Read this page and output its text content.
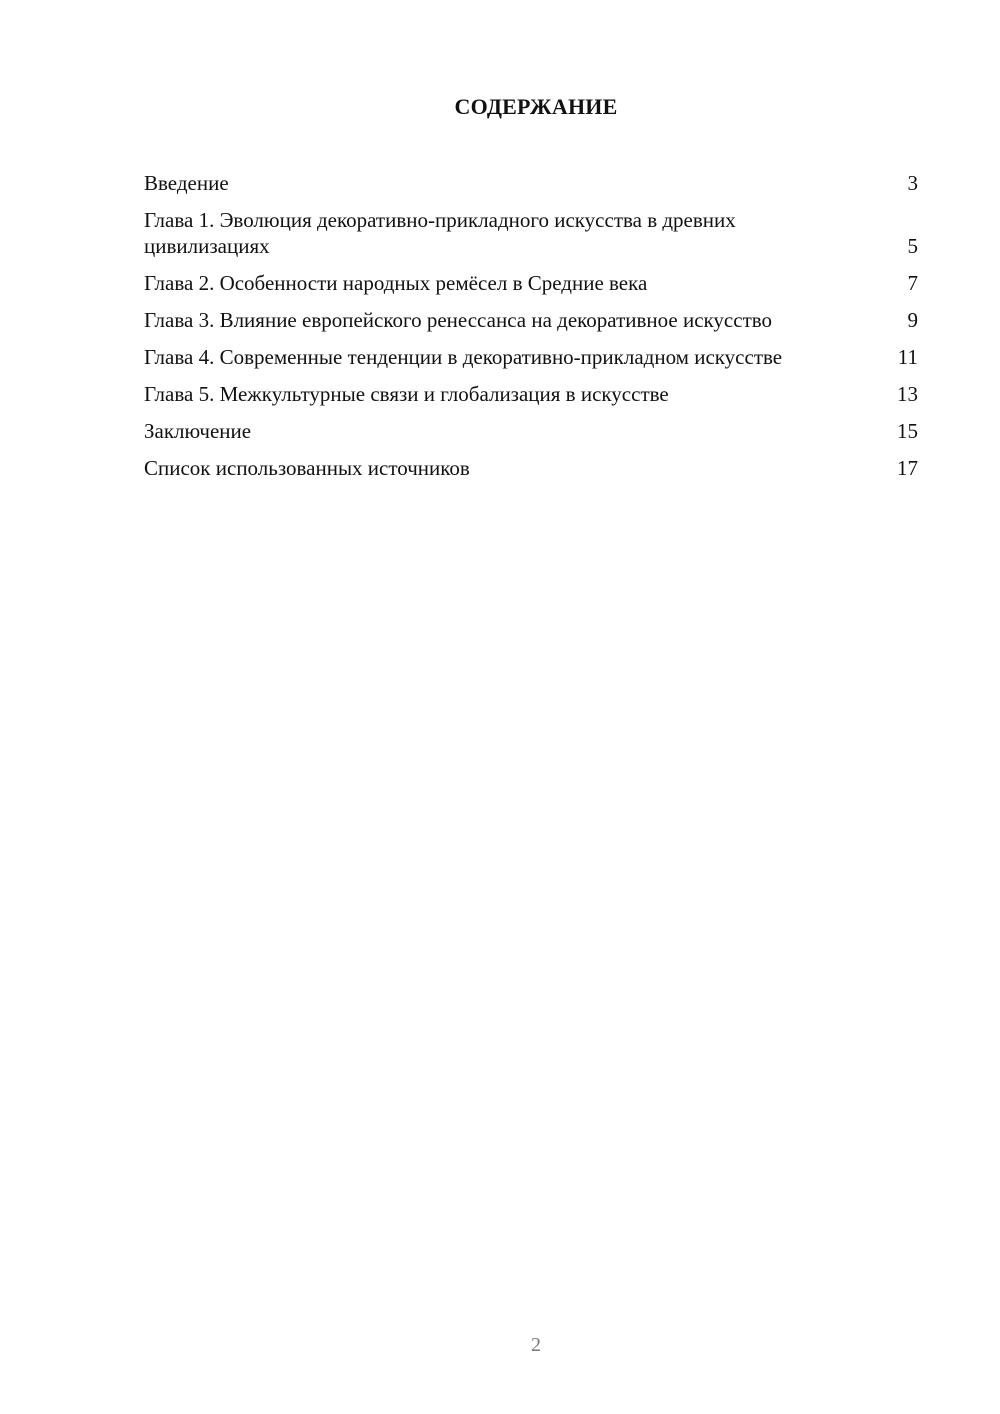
СОДЕРЖАНИЕ
Введение	3
Глава 1. Эволюция декоративно-прикладного искусства в древних цивилизациях	5
Глава 2. Особенности народных ремёсел в Средние века	7
Глава 3. Влияние европейского ренессанса на декоративное искусство	9
Глава 4. Современные тенденции в декоративно-прикладном искусстве	11
Глава 5. Межкультурные связи и глобализация в искусстве	13
Заключение	15
Список использованных источников	17
2
